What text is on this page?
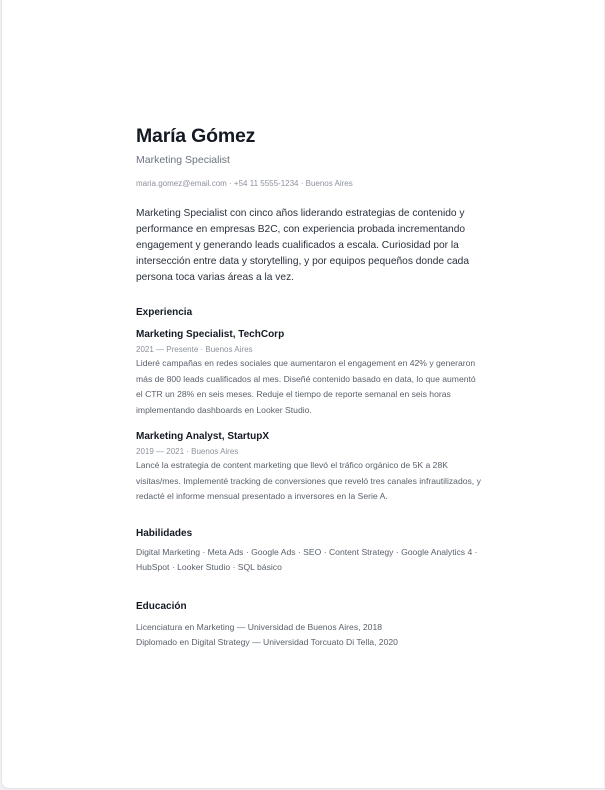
María Gómez
Marketing Specialist
maria.gomez@email.com · +54 11 5555-1234 · Buenos Aires

Marketing Specialist con cinco años liderando estrategias de contenido y performance en empresas B2C, con experiencia probada incrementando engagement y generando leads cualificados a escala. Curiosidad por la intersección entre data y storytelling, y por equipos pequeños donde cada persona toca varias áreas a la vez.

Experiencia
Marketing Specialist, TechCorp
2021 — Presente · Buenos Aires
Lideré campañas en redes sociales que aumentaron el engagement en 42% y generaron más de 800 leads cualificados al mes. Diseñé contenido basado en data, lo que aumentó el CTR un 28% en seis meses. Reduje el tiempo de reporte semanal en seis horas implementando dashboards en Looker Studio.
Marketing Analyst, StartupX
2019 — 2021 · Buenos Aires
Lancé la estrategia de content marketing que llevó el tráfico orgánico de 5K a 28K visitas/mes. Implementé tracking de conversiones que reveló tres canales infrautilizados, y redacté el informe mensual presentado a inversores en la Serie A.
Habilidades
Digital Marketing · Meta Ads · Google Ads · SEO · Content Strategy · Google Analytics 4 · HubSpot · Looker Studio · SQL básico
Educación
Licenciatura en Marketing — Universidad de Buenos Aires, 2018
Diplomado en Digital Strategy — Universidad Torcuato Di Tella, 2020
